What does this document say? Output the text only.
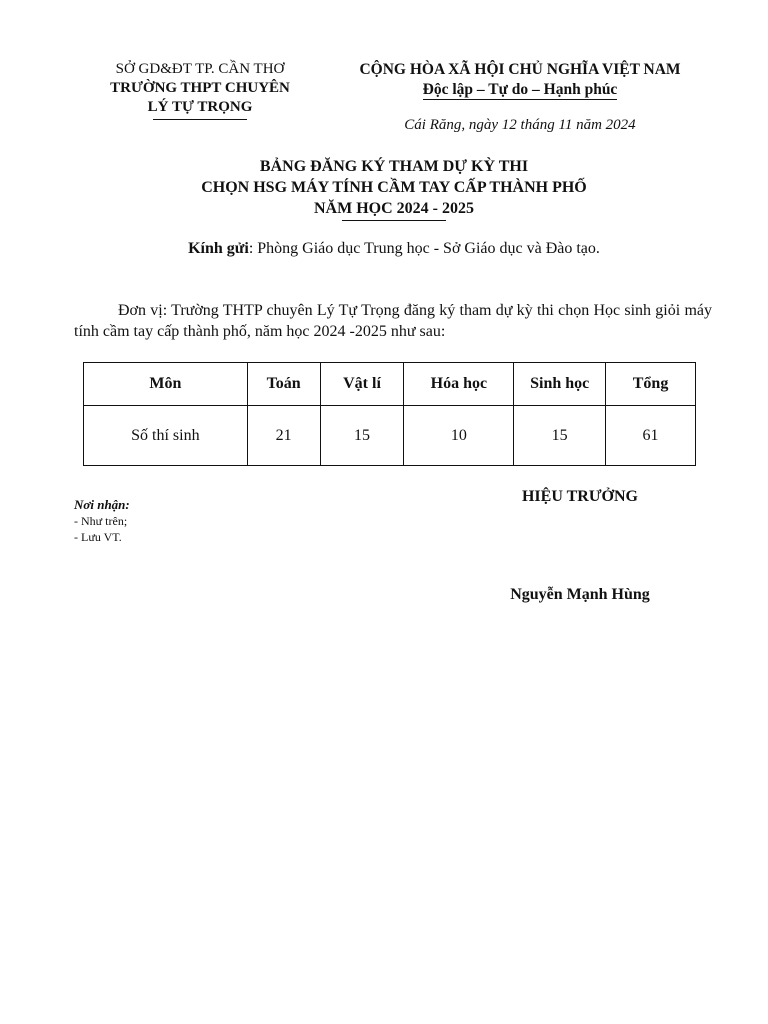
SỞ GD&ĐT TP. CẦN THƠ
TRƯỜNG THPT CHUYÊN
LÝ TỰ TRỌNG
CỘNG HÒA XÃ HỘI CHỦ NGHĨA VIỆT NAM
Độc lập – Tự do – Hạnh phúc
Cái Răng, ngày 12 tháng 11 năm 2024
BẢNG ĐĂNG KÝ THAM DỰ KỲ THI
CHỌN HSG MÁY TÍNH CẦM TAY CẤP THÀNH PHỐ
NĂM HỌC 2024 - 2025
Kính gửi: Phòng Giáo dục Trung học - Sở Giáo dục và Đào tạo.
Đơn vị: Trường THTP chuyên Lý Tự Trọng đăng ký tham dự kỳ thi chọn Học sinh giỏi máy tính cầm tay cấp thành phố, năm học 2024 -2025 như sau:
Môn	Toán	Vật lí	Hóa học	Sinh học	Tổng
Số thí sinh	21	15	10	15	61
Nơi nhận:
- Như trên;
- Lưu VT.
HIỆU TRƯỞNG
Nguyễn Mạnh Hùng
